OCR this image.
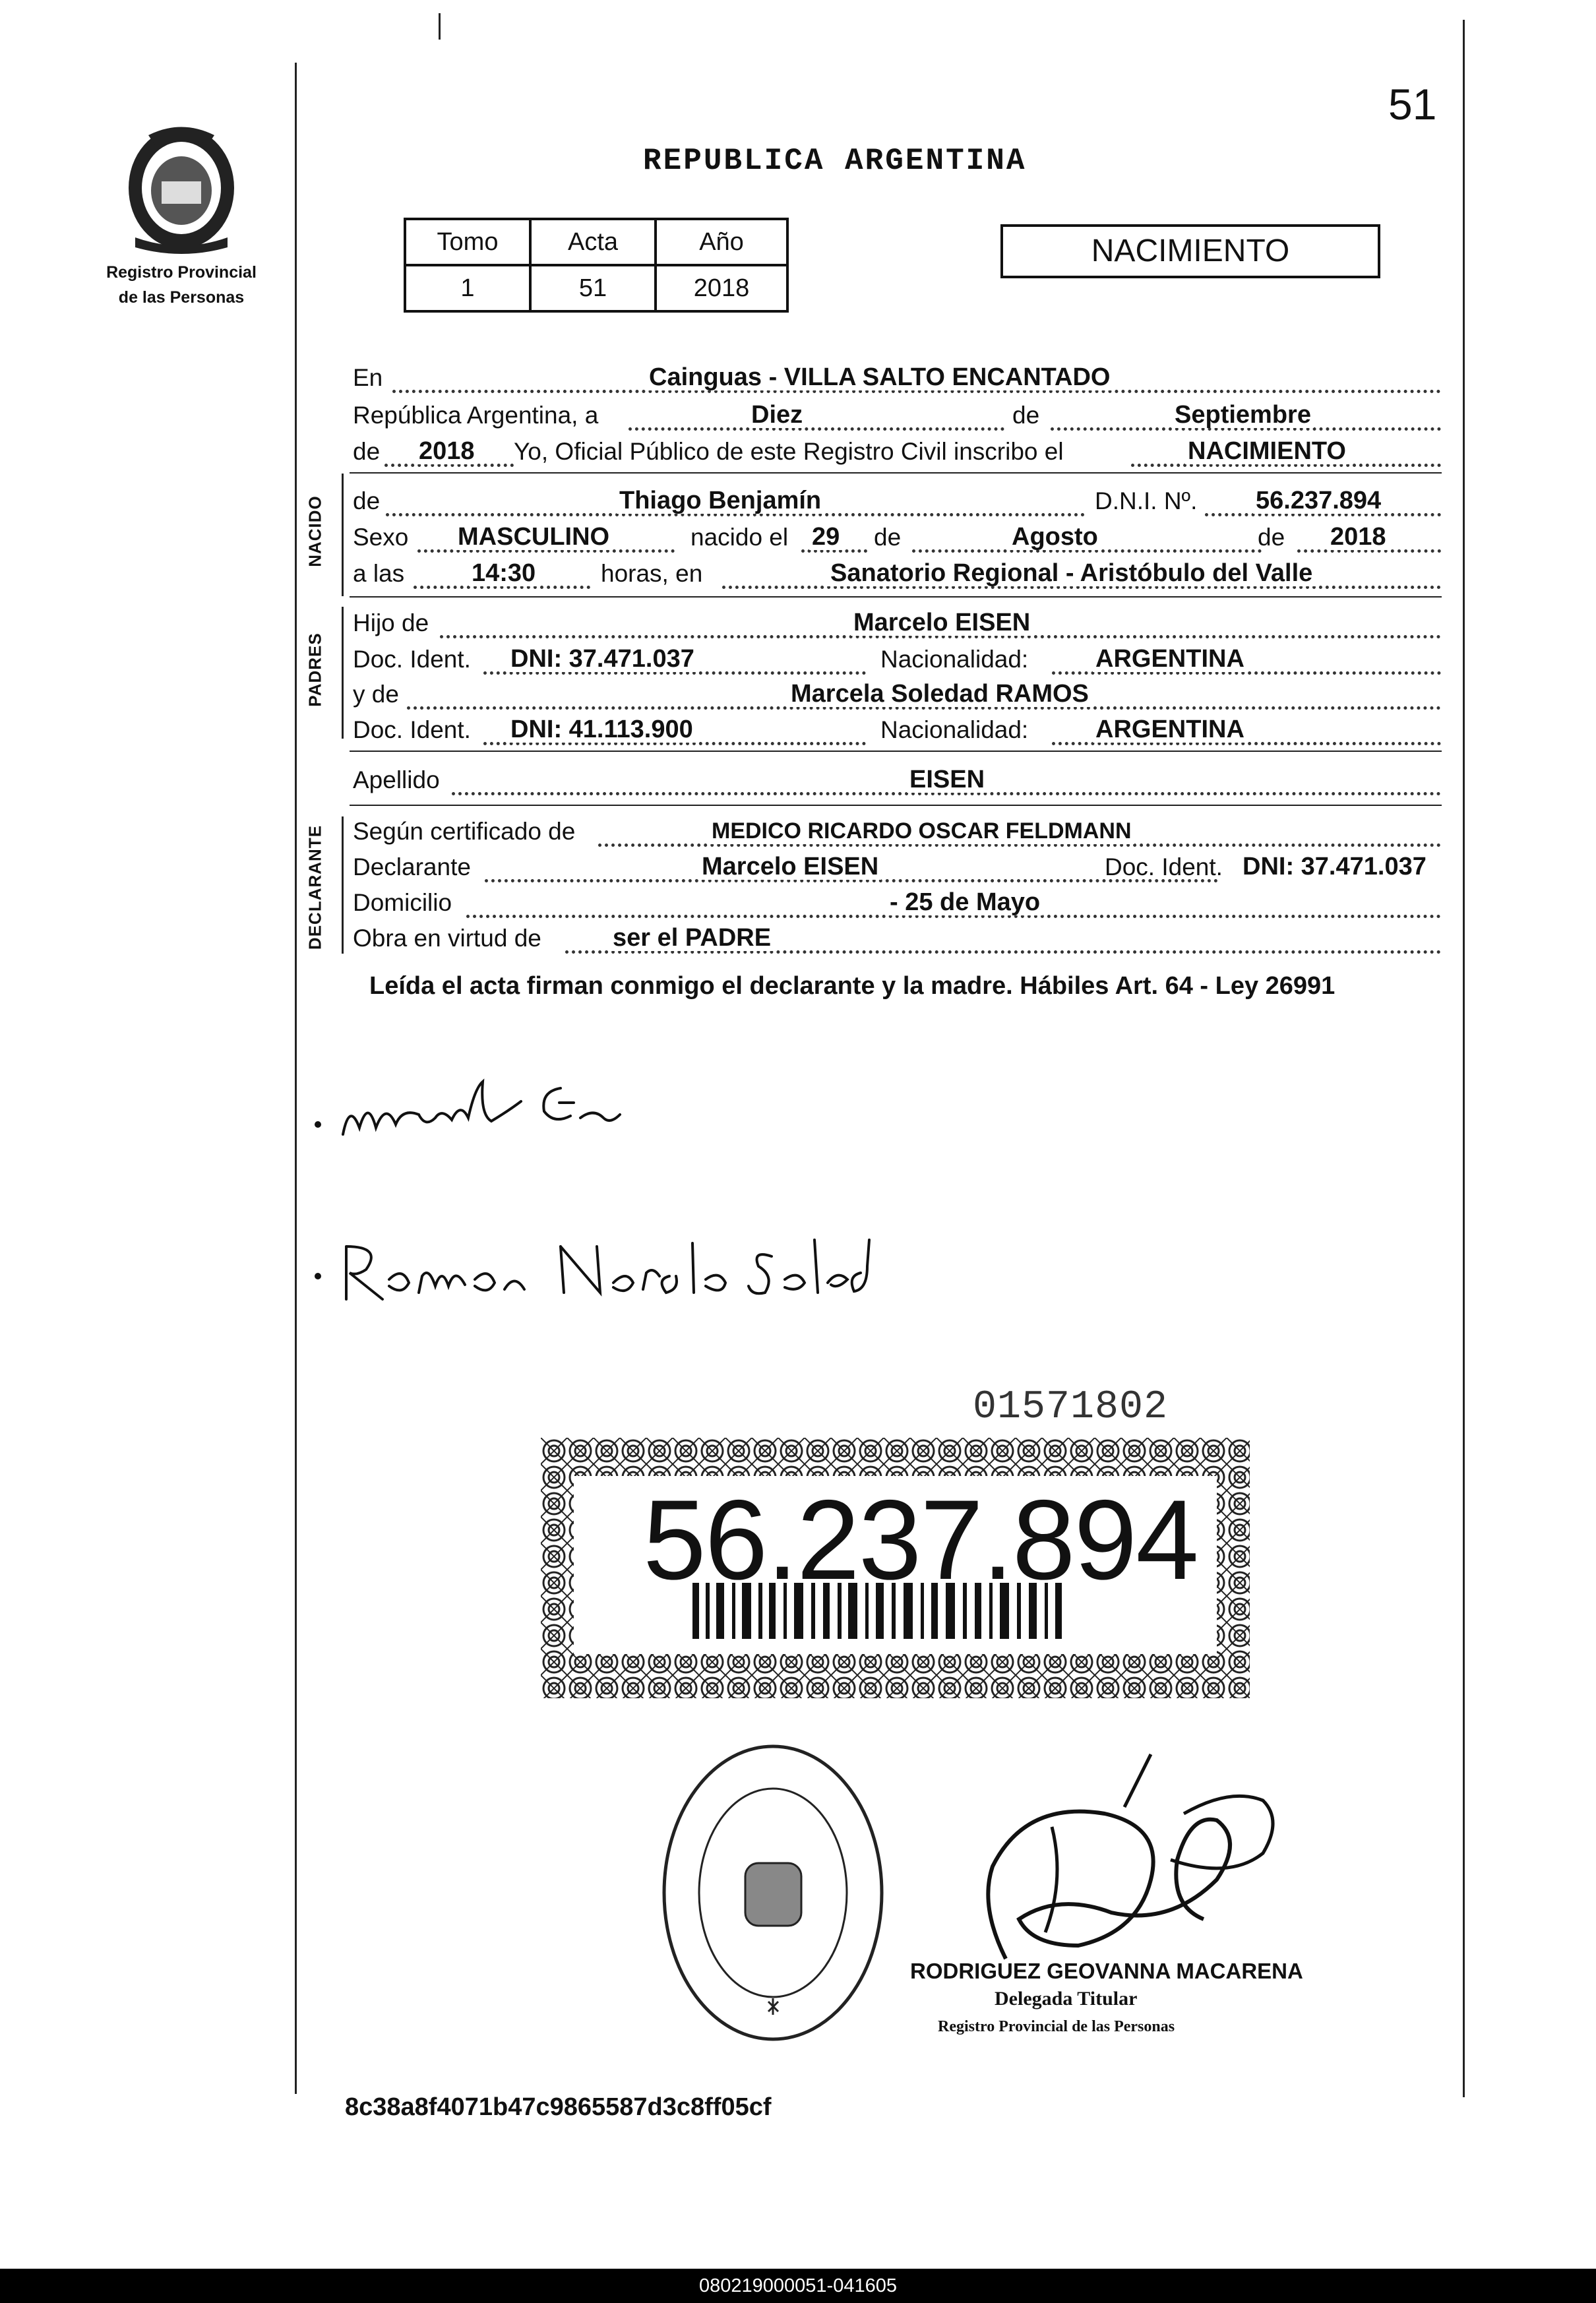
Registro Provincial
de las Personas
51
REPUBLICA ARGENTINA
Tomo	Acta	Año
1	51	2018
NACIMIENTO
NACIDO
PADRES
DECLARANTE
En	Cainguas - VILLA SALTO ENCANTADO
República Argentina, a	Diez	de	Septiembre
de 2018 Yo, Oficial Público de este Registro Civil inscribo el	NACIMIENTO
de	Thiago Benjamín	D.N.I. Nº. 56.237.894
Sexo MASCULINO	nacido el 29 de	Agosto	de 2018
a las	14:30	horas, en	Sanatorio Regional - Aristóbulo del Valle
Hijo de	Marcelo EISEN
Doc. Ident. DNI: 37.471.037	Nacionalidad:	ARGENTINA
y de	Marcela Soledad RAMOS
Doc. Ident. DNI: 41.113.900	Nacionalidad:	ARGENTINA
Apellido	EISEN
Según certificado de	MEDICO RICARDO OSCAR FELDMANN
Declarante	Marcelo EISEN	Doc. Ident. DNI: 37.471.037
Domicilio	- 25 de Mayo
Obra en virtud de	ser el PADRE
Leída el acta firman conmigo el declarante y la madre. Hábiles Art. 64 - Ley 26991
01571802
56.237.894
RODRIGUEZ GEOVANNA MACARENA
Delegada Titular
Registro Provincial de las Personas
8c38a8f4071b47c9865587d3c8ff05cf
080219000051-041605
